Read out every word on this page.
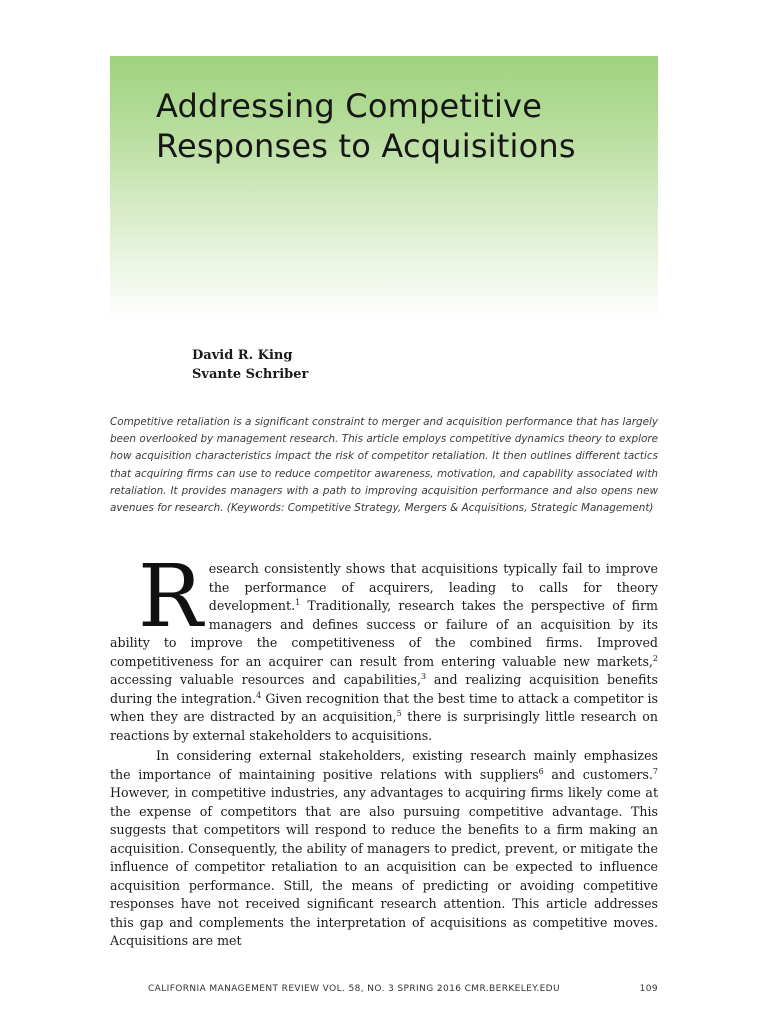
Addressing Competitive
Responses to Acquisitions
David R. King
Svante Schriber

Competitive retaliation is a significant constraint to merger and acquisition performance that has largely been overlooked by management research. This article employs competitive dynamics theory to explore how acquisition characteristics impact the risk of competitor retaliation. It then outlines different tactics that acquiring firms can use to reduce competitor awareness, motivation, and capability associated with retaliation. It provides managers with a path to improving acquisition performance and also opens new avenues for research. (Keywords: Competitive Strategy, Mergers & Acquisitions, Strategic Management)

Research consistently shows that acquisitions typically fail to improve the performance of acquirers, leading to calls for theory development.$^1$ Traditionally, research takes the perspective of firm managers and defines success or failure of an acquisition by its ability to improve the competitiveness of the combined firms. Improved competitiveness for an acquirer can result from entering valuable new markets,$^2$ accessing valuable resources and capabilities,$^3$ and realizing acquisition benefits during the integration.$^4$ Given recognition that the best time to attack a competitor is when they are distracted by an acquisition,$^5$ there is surprisingly little research on reactions by external stakeholders to acquisitions.

In considering external stakeholders, existing research mainly emphasizes the importance of maintaining positive relations with suppliers$^6$ and customers.$^7$ However, in competitive industries, any advantages to acquiring firms likely come at the expense of competitors that are also pursuing competitive advantage. This suggests that competitors will respond to reduce the benefits to a firm making an acquisition. Consequently, the ability of managers to predict, prevent, or mitigate the influence of competitor retaliation to an acquisition can be expected to influence acquisition performance. Still, the means of predicting or avoiding competitive responses have not received significant research attention. This article addresses this gap and complements the interpretation of acquisitions as competitive moves. Acquisitions are met

CALIFORNIA MANAGEMENT REVIEW VOL. 58, NO. 3 SPRING 2016 CMR.BERKELEY.EDU	109
